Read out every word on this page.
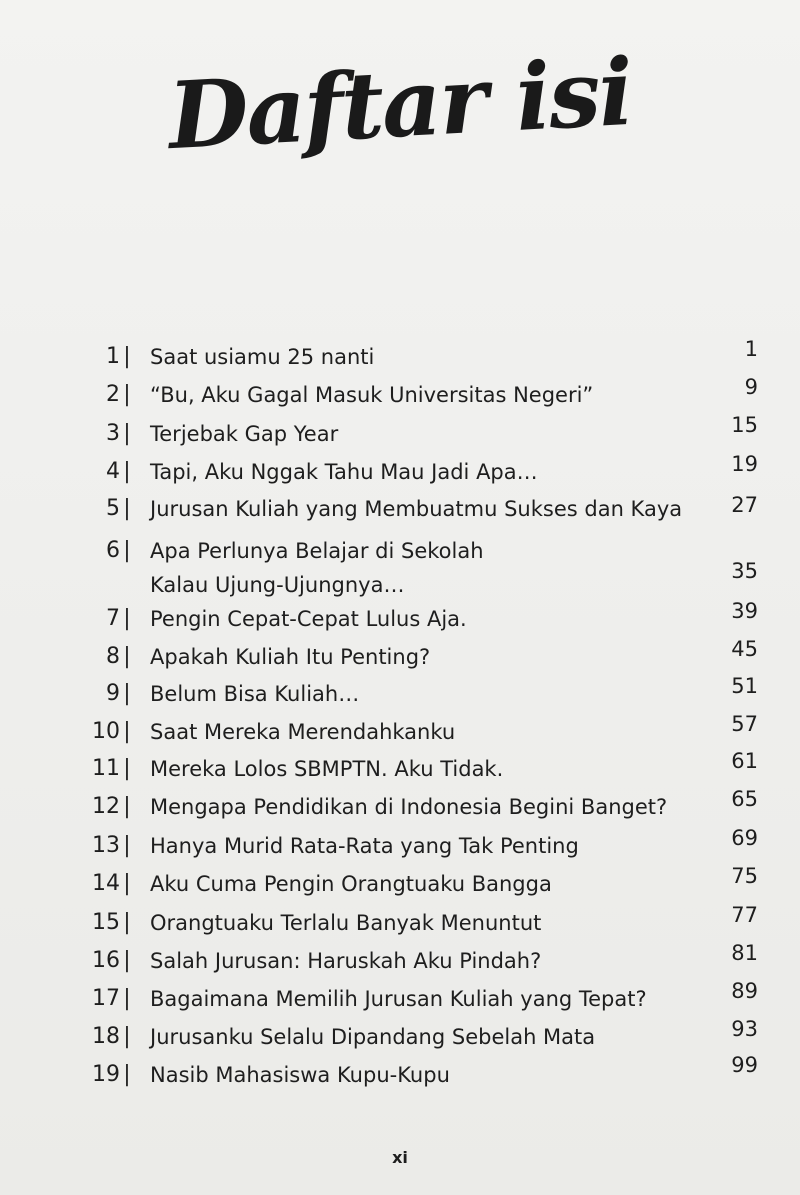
Daftar isi
1 | Saat usiamu 25 nanti	1
2 | “Bu, Aku Gagal Masuk Universitas Negeri”	9
3 | Terjebak Gap Year	15
4 | Tapi, Aku Nggak Tahu Mau Jadi Apa…	19
5 | Jurusan Kuliah yang Membuatmu Sukses dan Kaya	27
6 | Apa Perlunya Belajar di Sekolah
Kalau Ujung-Ujungnya…
35
7 | Pengin Cepat-Cepat Lulus Aja.	39
8 | Apakah Kuliah Itu Penting?	45
9 | Belum Bisa Kuliah…	51
10 | Saat Mereka Merendahkanku	57
11 | Mereka Lolos SBMPTN. Aku Tidak.	61
12 | Mengapa Pendidikan di Indonesia Begini Banget?	65
13 | Hanya Murid Rata-Rata yang Tak Penting	69
14 | Aku Cuma Pengin Orangtuaku Bangga	75
15 | Orangtuaku Terlalu Banyak Menuntut	77
16 | Salah Jurusan: Haruskah Aku Pindah?	81
17 | Bagaimana Memilih Jurusan Kuliah yang Tepat?	89
18 | Jurusanku Selalu Dipandang Sebelah Mata	93
19 | Nasib Mahasiswa Kupu-Kupu	99
xi
